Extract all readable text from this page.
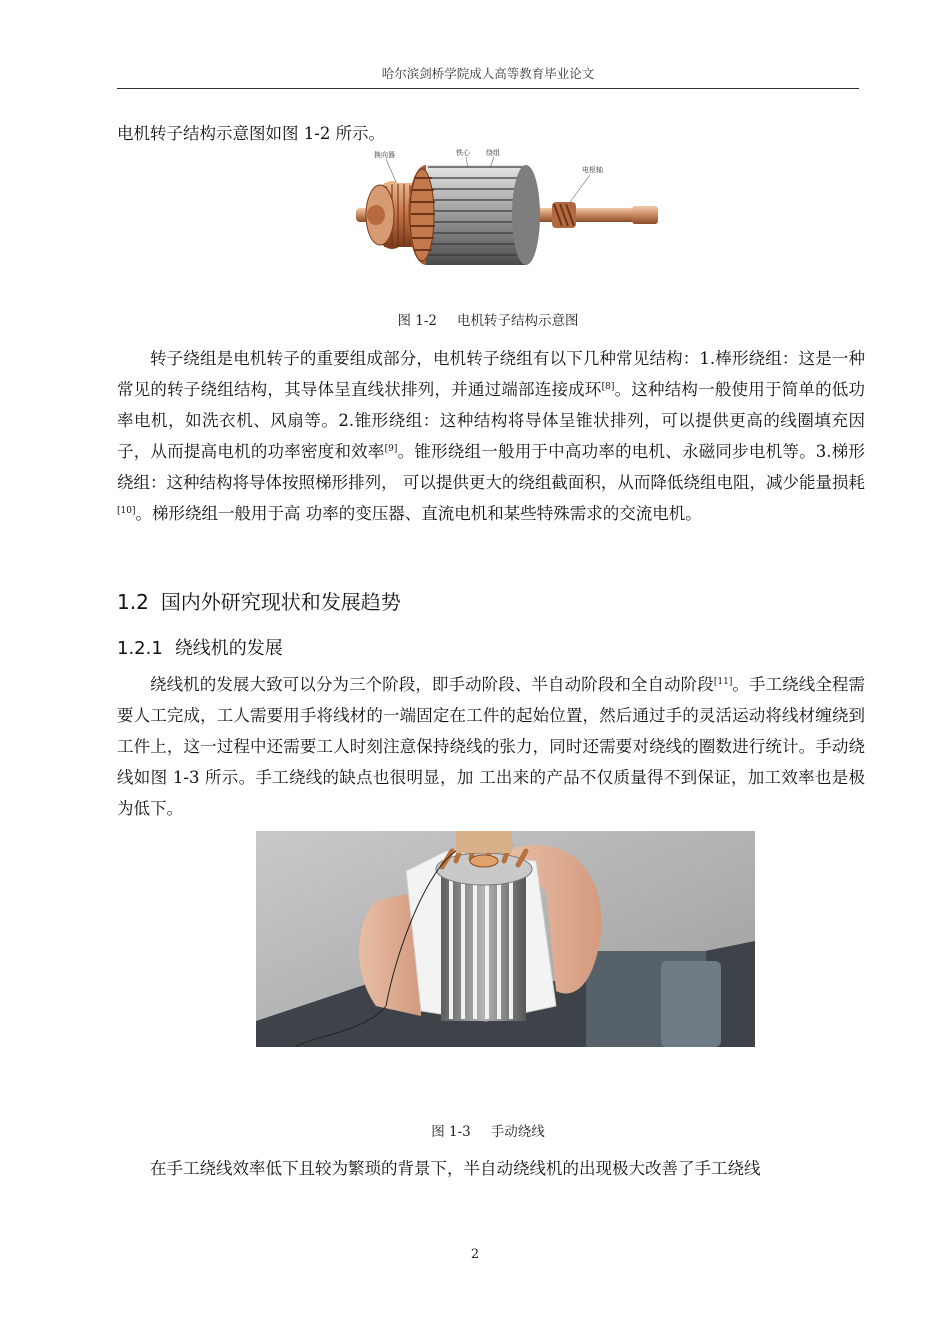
哈尔滨剑桥学院成人高等教育毕业论文

电机转子结构示意图如图 1-2 所示。

换向器	铁心 绕组
电枢轴
图 1-2 电机转子结构示意图

转子绕组是电机转子的重要组成部分，电机转子绕组有以下几种常见结构：1.棒形绕组：这是一种常见的转子绕组结构，其导体呈直线状排列，并通过端部连接成环[8]。这种结构一般使用于简单的低功率电机，如洗衣机、风扇等。2.锥形绕组：这种结构将导体呈锥状排列，可以提供更高的线圈填充因子，从而提高电机的功率密度和效率[9]。锥形绕组一般用于中高功率的电机、永磁同步电机等。3.梯形绕组：这种结构将导体按照梯形排列， 可以提供更大的绕组截面积，从而降低绕组电阻，减少能量损耗[10]。梯形绕组一般用于高 功率的变压器、直流电机和某些特殊需求的交流电机。

1.2 国内外研究现状和发展趋势
1.2.1 绕线机的发展

绕线机的发展大致可以分为三个阶段，即手动阶段、半自动阶段和全自动阶段[11]。手工绕线全程需要人工完成，工人需要用手将线材的一端固定在工件的起始位置，然后通过手的灵活运动将线材缠绕到工件上，这一过程中还需要工人时刻注意保持绕线的张力，同时还需要对绕线的圈数进行统计。手动绕线如图 1-3 所示。手工绕线的缺点也很明显，加 工出来的产品不仅质量得不到保证，加工效率也是极为低下。

图 1-3 手动绕线

在手工绕线效率低下且较为繁琐的背景下，半自动绕线机的出现极大改善了手工绕线

2
